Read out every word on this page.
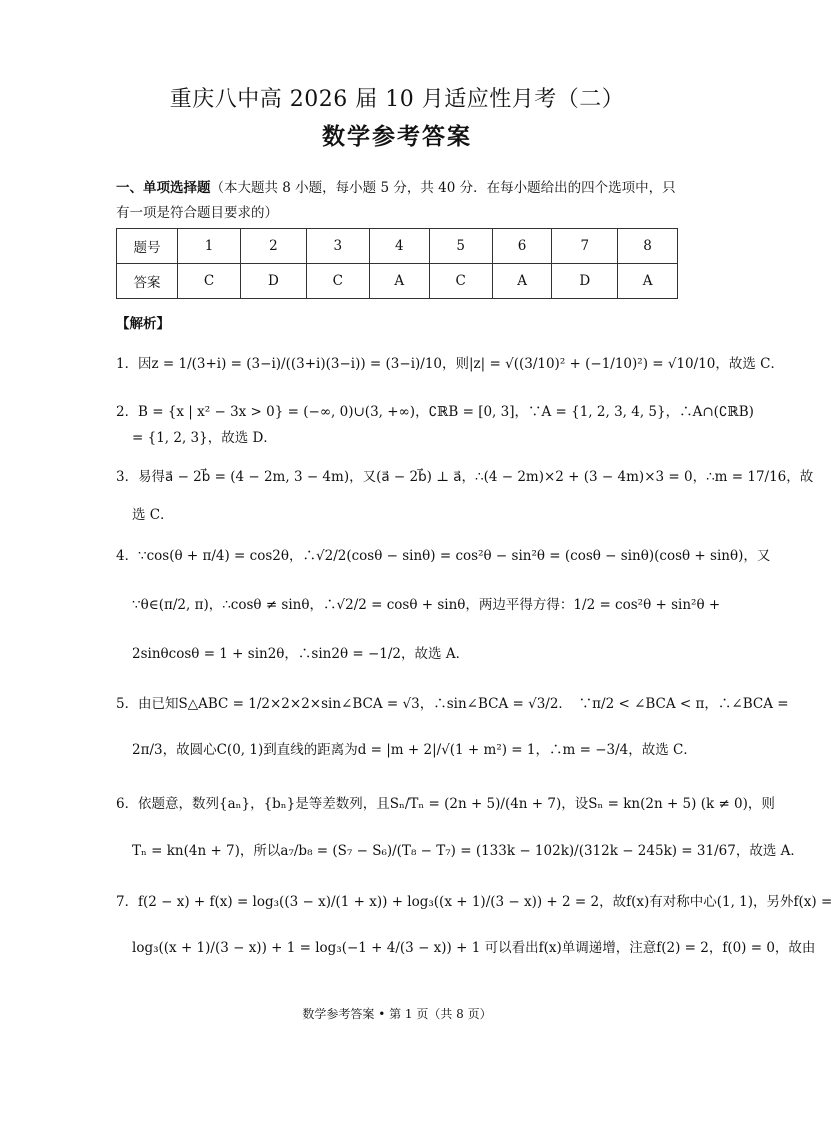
重庆八中高 2026 届 10 月适应性月考（二）
数学参考答案
一、单项选择题（本大题共 8 小题，每小题 5 分，共 40 分．在每小题给出的四个选项中，只有一项是符合题目要求的）
题号	1	2	3	4	5	6	7	8
答案	C	D	C	A	C	A	D	A
【解析】
1．因z = 1/(3+i) = (3−i)/((3+i)(3−i)) = (3−i)/10，则|z| = √((3/10)² + (−1/10)²) = √10/10，故选 C．
2．B = {x | x² − 3x > 0} = (−∞, 0)∪(3, +∞)，∁ℝB = [0, 3]，∵A = {1, 2, 3, 4, 5}，∴A∩(∁ℝB)
= {1, 2, 3}，故选 D．
3．易得a⃗ − 2b⃗ = (4 − 2m, 3 − 4m)，又(a⃗ − 2b⃗) ⊥ a⃗，∴(4 − 2m)×2 + (3 − 4m)×3 = 0，∴m = 17/16，故
选 C．
4．∵cos(θ + π/4) = cos2θ，∴√2/2(cosθ − sinθ) = cos²θ − sin²θ = (cosθ − sinθ)(cosθ + sinθ)，又
∵θ∈(π/2, π)，∴cosθ ≠ sinθ，∴√2/2 = cosθ + sinθ，两边平得方得：1/2 = cos²θ + sin²θ +
2sinθcosθ = 1 + sin2θ，∴sin2θ = −1/2，故选 A．
5．由已知S△ABC = 1/2×2×2×sin∠BCA = √3，∴sin∠BCA = √3/2．　∵π/2 < ∠BCA < π，∴∠BCA =
2π/3，故圆心C(0, 1)到直线的距离为d = |m + 2|/√(1 + m²) = 1，∴m = −3/4，故选 C．
6．依题意，数列{aₙ}，{bₙ}是等差数列，且Sₙ/Tₙ = (2n + 5)/(4n + 7)，设Sₙ = kn(2n + 5) (k ≠ 0)，则
Tₙ = kn(4n + 7)，所以a₇/b₈ = (S₇ − S₆)/(T₈ − T₇) = (133k − 102k)/(312k − 245k) = 31/67，故选 A．
7．f(2 − x) + f(x) = log₃((3 − x)/(1 + x)) + log₃((x + 1)/(3 − x)) + 2 = 2，故f(x)有对称中心(1, 1)，另外f(x) =
log₃((x + 1)/(3 − x)) + 1 = log₃(−1 + 4/(3 − x)) + 1 可以看出f(x)单调递增，注意f(2) = 2，f(0) = 0，故由
数学参考答案 • 第 1 页（共 8 页）
